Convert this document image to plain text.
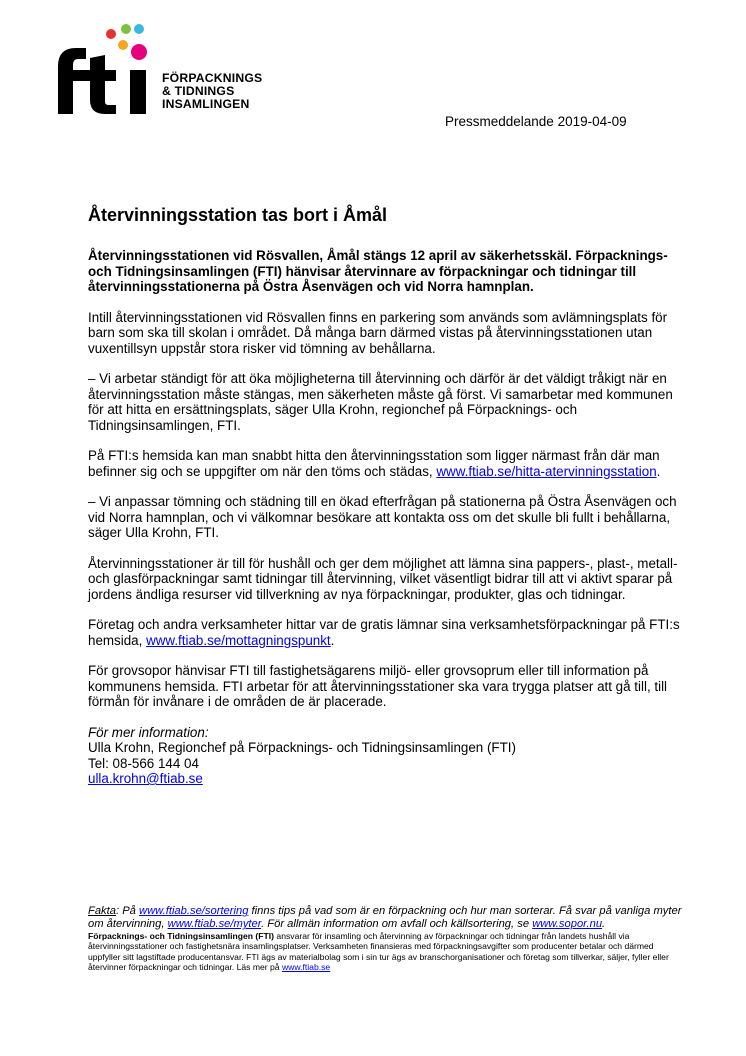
FÖRPACKNINGS
& TIDNINGS
INSAMLINGEN
Pressmeddelande 2019-04-09
Återvinningsstation tas bort i Åmål

Återvinningsstationen vid Rösvallen, Åmål stängs 12 april av säkerhetsskäl. Förpacknings- och Tidningsinsamlingen (FTI) hänvisar återvinnare av förpackningar och tidningar till återvinningsstationerna på Östra Åsenvägen och vid Norra hamnplan.

Intill återvinningsstationen vid Rösvallen finns en parkering som används som avlämningsplats för barn som ska till skolan i området. Då många barn därmed vistas på återvinningsstationen utan vuxentillsyn uppstår stora risker vid tömning av behållarna.

– Vi arbetar ständigt för att öka möjligheterna till återvinning och därför är det väldigt tråkigt när en återvinningsstation måste stängas, men säkerheten måste gå först. Vi samarbetar med kommunen för att hitta en ersättningsplats, säger Ulla Krohn, regionchef på Förpacknings- och Tidningsinsamlingen, FTI.

På FTI:s hemsida kan man snabbt hitta den återvinningsstation som ligger närmast från där man befinner sig och se uppgifter om när den töms och städas, www.ftiab.se/hitta-atervinningsstation.

– Vi anpassar tömning och städning till en ökad efterfrågan på stationerna på Östra Åsenvägen och vid Norra hamnplan, och vi välkomnar besökare att kontakta oss om det skulle bli fullt i behållarna, säger Ulla Krohn, FTI.

Återvinningsstationer är till för hushåll och ger dem möjlighet att lämna sina pappers-, plast-, metall- och glasförpackningar samt tidningar till återvinning, vilket väsentligt bidrar till att vi aktivt sparar på jordens ändliga resurser vid tillverkning av nya förpackningar, produkter, glas och tidningar.

Företag och andra verksamheter hittar var de gratis lämnar sina verksamhetsförpackningar på FTI:s hemsida, www.ftiab.se/mottagningspunkt.

För grovsopor hänvisar FTI till fastighetsägarens miljö- eller grovsoprum eller till information på kommunens hemsida. FTI arbetar för att återvinningsstationer ska vara trygga platser att gå till, till förmån för invånare i de områden de är placerade.

För mer information:
Ulla Krohn, Regionchef på Förpacknings- och Tidningsinsamlingen (FTI)
Tel: 08-566 144 04
ulla.krohn@ftiab.se

Fakta: På www.ftiab.se/sortering finns tips på vad som är en förpackning och hur man sorterar. Få svar på vanliga myter om återvinning, www.ftiab.se/myter. För allmän information om avfall och källsortering, se www.sopor.nu.

Förpacknings- och Tidningsinsamlingen (FTI) ansvarar för insamling och återvinning av förpackningar och tidningar från landets hushåll via återvinningsstationer och fastighetsnära insamlingsplatser. Verksamheten finansieras med förpackningsavgifter som producenter betalar och därmed uppfyller sitt lagstiftade producentansvar. FTI ägs av materialbolag som i sin tur ägs av branschorganisationer och företag som tillverkar, säljer, fyller eller återvinner förpackningar och tidningar. Läs mer på www.ftiab.se
